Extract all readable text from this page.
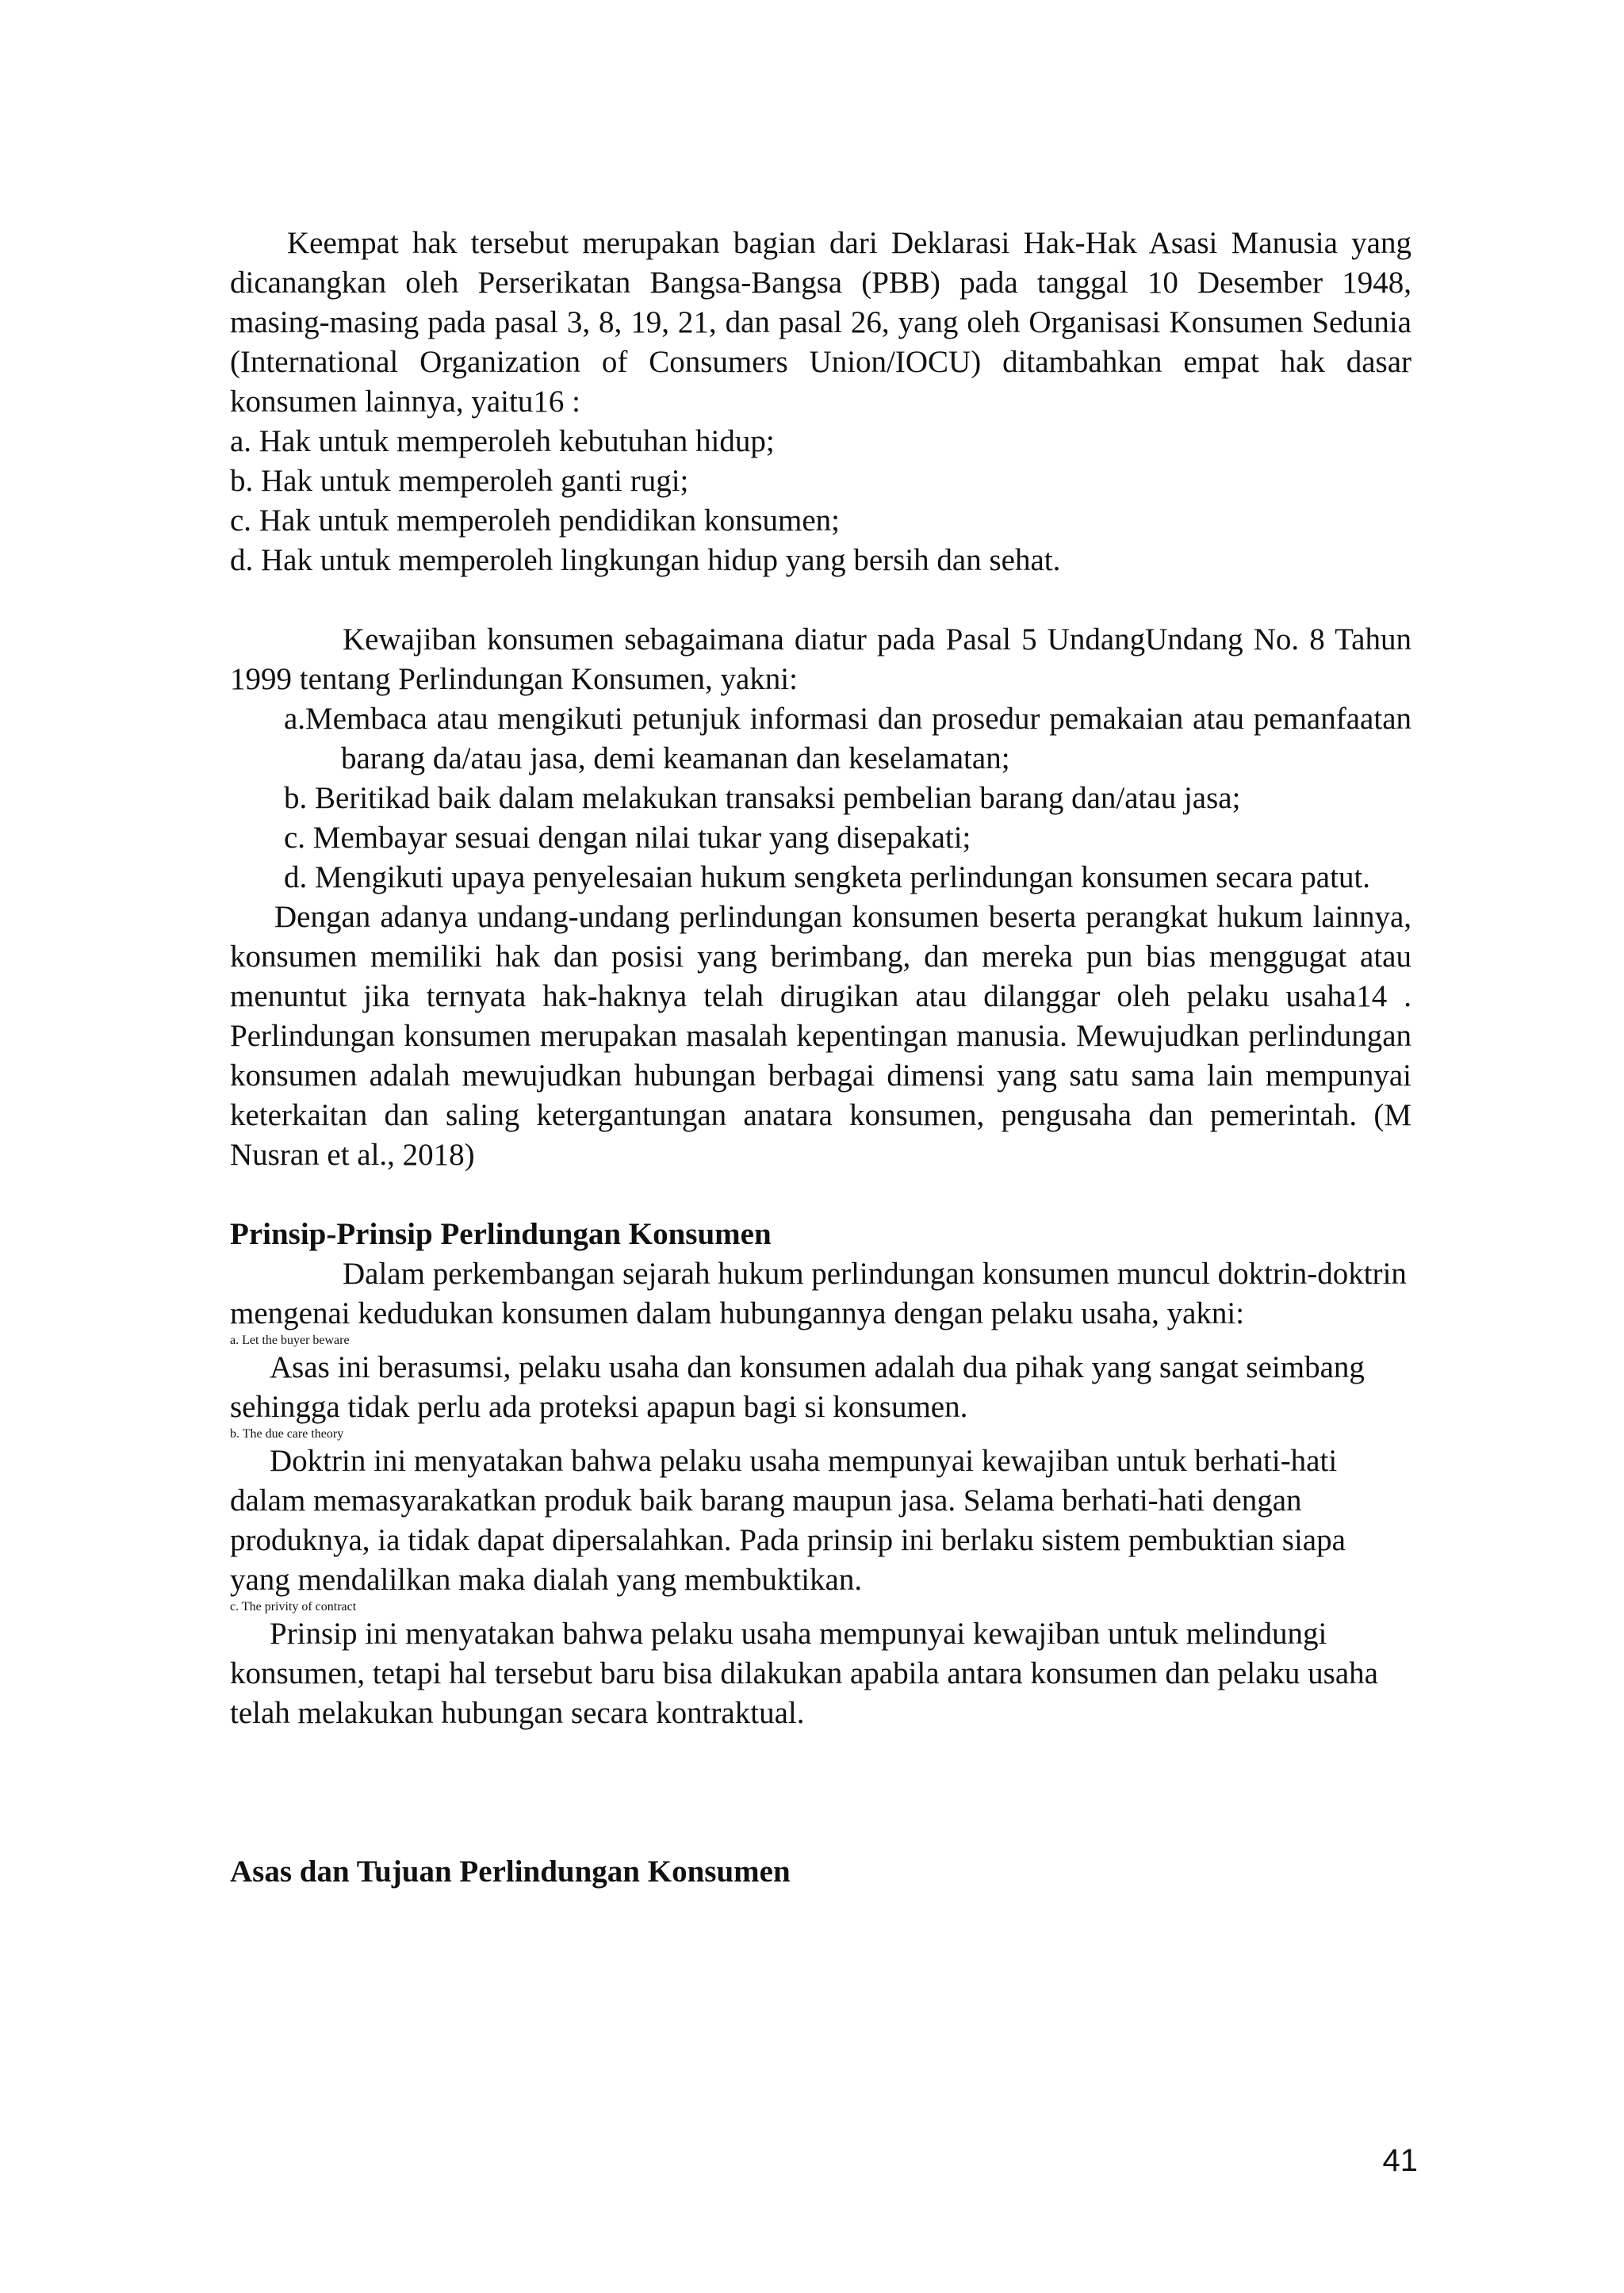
Keempat hak tersebut merupakan bagian dari Deklarasi Hak-Hak Asasi Manusia yang dicanangkan oleh Perserikatan Bangsa-Bangsa (PBB) pada tanggal 10 Desember 1948, masing-masing pada pasal 3, 8, 19, 21, dan pasal 26, yang oleh Organisasi Konsumen Sedunia (International Organization of Consumers Union/IOCU) ditambahkan empat hak dasar konsumen lainnya, yaitu16 :

a. Hak untuk memperoleh kebutuhan hidup;
b. Hak untuk memperoleh ganti rugi;
c. Hak untuk memperoleh pendidikan konsumen;
d. Hak untuk memperoleh lingkungan hidup yang bersih dan sehat.

Kewajiban konsumen sebagaimana diatur pada Pasal 5 UndangUndang No. 8 Tahun 1999 tentang Perlindungan Konsumen, yakni:

a.Membaca atau mengikuti petunjuk informasi dan prosedur pemakaian atau pemanfaatan barang da/atau jasa, demi keamanan dan keselamatan;
b. Beritikad baik dalam melakukan transaksi pembelian barang dan/atau jasa;
c. Membayar sesuai dengan nilai tukar yang disepakati;
d. Mengikuti upaya penyelesaian hukum sengketa perlindungan konsumen secara patut.

Dengan adanya undang-undang perlindungan konsumen beserta perangkat hukum lainnya, konsumen memiliki hak dan posisi yang berimbang, dan mereka pun bias menggugat atau menuntut jika ternyata hak-haknya telah dirugikan atau dilanggar oleh pelaku usaha14 . Perlindungan konsumen merupakan masalah kepentingan manusia. Mewujudkan perlindungan konsumen adalah mewujudkan hubungan berbagai dimensi yang satu sama lain mempunyai keterkaitan dan saling ketergantungan anatara konsumen, pengusaha dan pemerintah. (M Nusran et al., 2018)

Prinsip-Prinsip Perlindungan Konsumen

Dalam perkembangan sejarah hukum perlindungan konsumen muncul doktrin-doktrin mengenai kedudukan konsumen dalam hubungannya dengan pelaku usaha, yakni:

a. Let the buyer beware

Asas ini berasumsi, pelaku usaha dan konsumen adalah dua pihak yang sangat seimbang sehingga tidak perlu ada proteksi apapun bagi si konsumen.

b. The due care theory

Doktrin ini menyatakan bahwa pelaku usaha mempunyai kewajiban untuk berhati-hati dalam memasyarakatkan produk baik barang maupun jasa. Selama berhati-hati dengan produknya, ia tidak dapat dipersalahkan. Pada prinsip ini berlaku sistem pembuktian siapa yang mendalilkan maka dialah yang membuktikan.

c. The privity of contract

Prinsip ini menyatakan bahwa pelaku usaha mempunyai kewajiban untuk melindungi konsumen, tetapi hal tersebut baru bisa dilakukan apabila antara konsumen dan pelaku usaha telah melakukan hubungan secara kontraktual.

Asas dan Tujuan Perlindungan Konsumen
41
